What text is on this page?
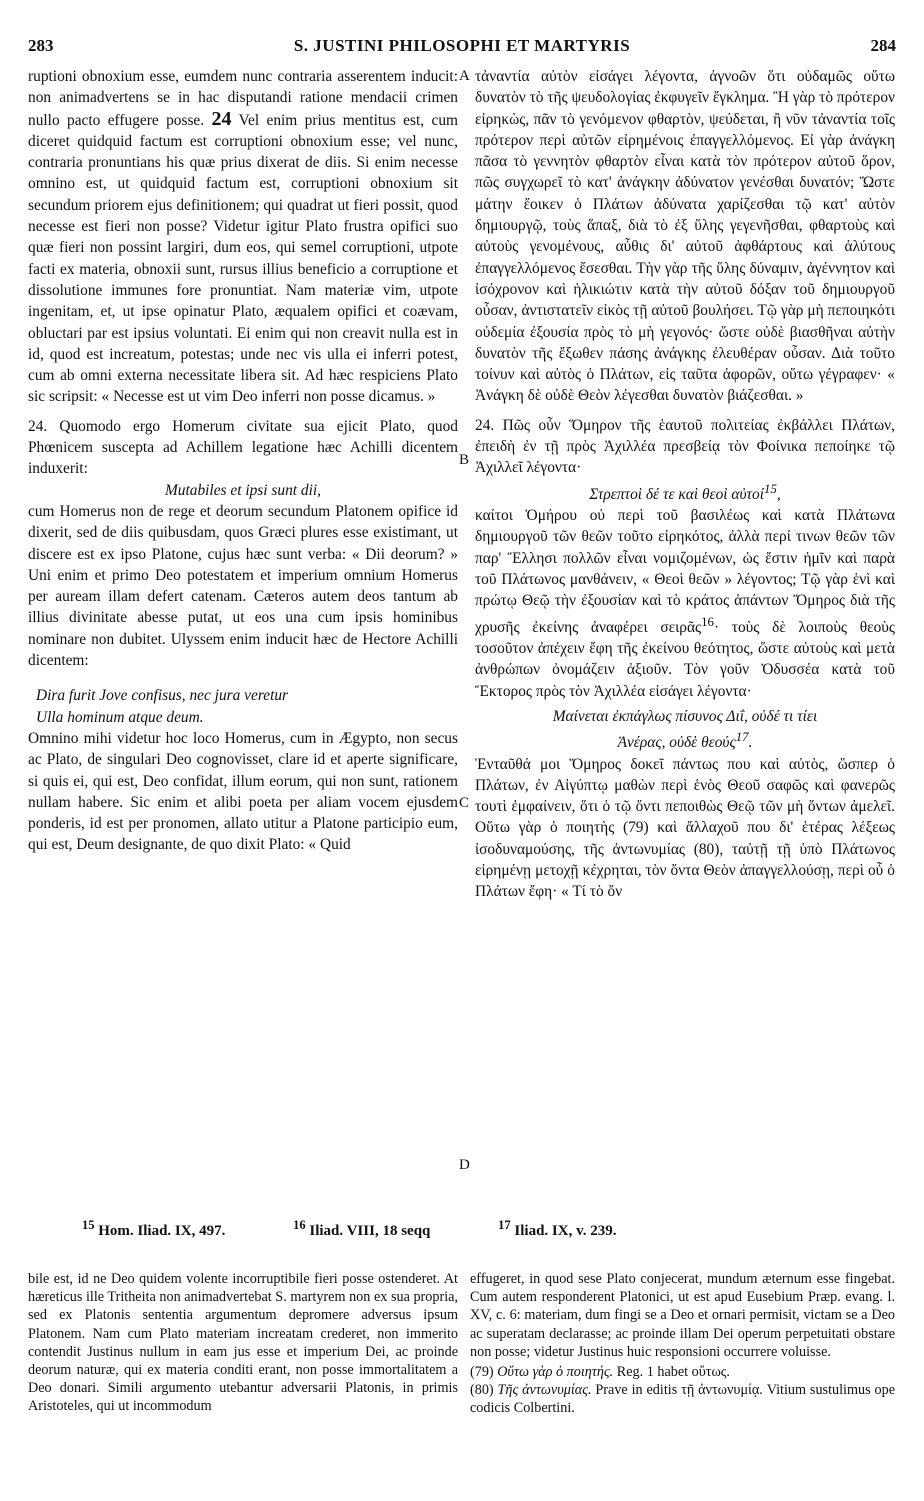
283	S. JUSTINI PHILOSOPHI ET MARTYRIS	284
A
B
C
D

ruptioni obnoxium esse, eumdem nunc contraria asserentem inducit: non animadvertens se in hac disputandi ratione mendacii crimen nullo pacto effugere posse. 24 Vel enim prius mentitus est, cum diceret quidquid factum est corruptioni obnoxium esse; vel nunc, contraria pronuntians his quæ prius dixerat de diis. Si enim necesse omnino est, ut quidquid factum est, corruptioni obnoxium sit secundum priorem ejus definitionem; qui quadrat ut fieri possit, quod necesse est fieri non posse? Videtur igitur Plato frustra opifici suo quæ fieri non possint largiri, dum eos, qui semel corruptioni, utpote facti ex materia, obnoxii sunt, rursus illius beneficio a corruptione et dissolutione immunes fore pronuntiat. Nam materiæ vim, utpote ingenitam, et, ut ipse opinatur Plato, æqualem opifici et coævam, obluctari par est ipsius voluntati. Ei enim qui non creavit nulla est in id, quod est increatum, potestas; unde nec vis ulla ei inferri potest, cum ab omni externa necessitate libera sit. Ad hæc respiciens Plato sic scripsit: « Necesse est ut vim Deo inferri non posse dicamus. »

24. Quomodo ergo Homerum civitate sua ejicit Plato, quod Phœnicem suscepta ad Achillem legatione hæc Achilli dicentem induxerit:

Mutabiles et ipsi sunt dii,

cum Homerus non de rege et deorum secundum Platonem opifice id dixerit, sed de diis quibusdam, quos Græci plures esse existimant, ut discere est ex ipso Platone, cujus hæc sunt verba: « Dii deorum? » Uni enim et primo Deo potestatem et imperium omnium Homerus per auream illam defert catenam. Cæteros autem deos tantum ab illius divinitate abesse putat, ut eos una cum ipsis hominibus nominare non dubitet. Ulyssem enim inducit hæc de Hectore Achilli dicentem:

Dira furit Jove confisus, nec jura veretur

Ulla hominum atque deum.

Omnino mihi videtur hoc loco Homerus, cum in Ægypto, non secus ac Plato, de singulari Deo cognovisset, clare id et aperte significare, si quis ei, qui est, Deo confidat, illum eorum, qui non sunt, rationem nullam habere. Sic enim et alibi poeta per aliam vocem ejusdem ponderis, id est per pronomen, allato utitur a Platone participio eum, qui est, Deum designante, de quo dixit Plato: « Quid

τἀναντία αὐτὸν εἰσάγει λέγοντα, ἀγνοῶν ὅτι οὐδαμῶς οὕτω δυνατὸν τὸ τῆς ψευδολογίας ἐκφυγεῖν ἔγκλημα. Ἢ γὰρ τὸ πρότερον εἰρηκὼς, πᾶν τὸ γενόμενον φθαρτὸν, ψεύδεται, ἢ νῦν τἀναντία τοῖς πρότερον περὶ αὐτῶν εἰρημένοις ἐπαγγελλόμενος. Εἰ γὰρ ἀνάγκη πᾶσα τὸ γεννητὸν φθαρτὸν εἶναι κατὰ τὸν πρότερον αὐτοῦ ὅρον, πῶς συγχωρεῖ τὸ κατ' ἀνάγκην ἀδύνατον γενέσθαι δυνατόν; Ὥστε μάτην ἔοικεν ὁ Πλάτων ἀδύνατα χαρίζεσθαι τῷ κατ' αὐτὸν δημιουργῷ, τοὺς ἅπαξ, διὰ τὸ ἐξ ὕλης γεγενῆσθαι, φθαρτοὺς καὶ αὐτοὺς γενομένους, αὖθις δι' αὐτοῦ ἀφθάρτους καὶ ἀλύτους ἐπαγγελλόμενος ἔσεσθαι. Τὴν γὰρ τῆς ὕλης δύναμιν, ἀγέννητον καὶ ἰσόχρονον καὶ ἡλικιώτιν κατὰ τὴν αὐτοῦ δόξαν τοῦ δημιουργοῦ οὖσαν, ἀντιστατεῖν εἰκὸς τῇ αὐτοῦ βουλήσει. Τῷ γὰρ μὴ πεποιηκότι οὐδεμία ἐξουσία πρὸς τὸ μὴ γεγονός· ὥστε οὐδὲ βιασθῆναι αὐτὴν δυνατὸν τῆς ἔξωθεν πάσης ἀνάγκης ἐλευθέραν οὖσαν. Διὰ τοῦτο τοίνυν καὶ αὐτὸς ὁ Πλάτων, εἰς ταῦτα ἀφορῶν, οὕτω γέγραφεν· « Ἀνάγκη δὲ οὐδὲ Θεὸν λέγεσθαι δυνατὸν βιάζεσθαι. »

24. Πῶς οὖν Ὅμηρον τῆς ἑαυτοῦ πολιτείας ἐκβάλλει Πλάτων, ἐπειδὴ ἐν τῇ πρὸς Ἀχιλλέα πρεσβείᾳ τὸν Φοίνικα πεποίηκε τῷ Ἀχιλλεῖ λέγοντα·

Στρεπτοὶ δέ τε καὶ θεοὶ αὐτοί$^{15}$,

καίτοι Ὁμήρου οὐ περὶ τοῦ βασιλέως καὶ κατὰ Πλάτωνα δημιουργοῦ τῶν θεῶν τοῦτο εἰρηκότος, ἀλλὰ περί τινων θεῶν τῶν παρ' Ἕλλησι πολλῶν εἶναι νομιζομένων, ὡς ἔστιν ἡμῖν καὶ παρὰ τοῦ Πλάτωνος μανθάνειν, « Θεοὶ θεῶν » λέγοντος; Τῷ γὰρ ἑνὶ καὶ πρώτῳ Θεῷ τὴν ἐξουσίαν καὶ τὸ κράτος ἁπάντων Ὅμηρος διὰ τῆς χρυσῆς ἐκείνης ἀναφέρει σειρᾶς$^{16}$· τοὺς δὲ λοιποὺς θεοὺς τοσοῦτον ἀπέχειν ἔφη τῆς ἐκείνου θεότητος, ὥστε αὐτοὺς καὶ μετὰ ἀνθρώπων ὀνομάζειν ἀξιοῦν. Τὸν γοῦν Ὀδυσσέα κατὰ τοῦ Ἕκτορος πρὸς τὸν Ἀχιλλέα εἰσάγει λέγοντα·

Μαίνεται ἐκπάγλως πίσυνος Διΐ, οὐδέ τι τίει

Ἀνέρας, οὐδὲ θεούς$^{17}$.

Ἐνταῦθά μοι Ὅμηρος δοκεῖ πάντως που καὶ αὐτὸς, ὥσπερ ὁ Πλάτων, ἐν Αἰγύπτῳ μαθὼν περὶ ἑνὸς Θεοῦ σαφῶς καὶ φανερῶς τουτὶ ἐμφαίνειν, ὅτι ὁ τῷ ὄντι πεποιθὼς Θεῷ τῶν μὴ ὄντων ἀμελεῖ. Οὕτω γὰρ ὁ ποιητὴς (79) καὶ ἄλλαχοῦ που δι' ἑτέρας λέξεως ἰσοδυναμούσης, τῆς ἀντωνυμίας (80), ταὐτῇ τῇ ὑπὸ Πλάτωνος εἰρημένῃ μετοχῇ κέχρηται, τὸν ὄντα Θεὸν ἀπαγγελλούσῃ, περὶ οὗ ὁ Πλάτων ἔφη· « Τί τὸ ὄν

$^{15}$ Hom. Iliad. IX, 497.	$^{16}$ Iliad. VIII, 18 seqq	$^{17}$ Iliad. IX, v. 239.

bile est, id ne Deo quidem volente incorruptibile fieri posse ostenderet. At hæreticus ille Tritheita non animadvertebat S. martyrem non ex sua propria, sed ex Platonis sententia argumentum depromere adversus ipsum Platonem. Nam cum Plato materiam increatam crederet, non immerito contendit Justinus nullum in eam jus esse et imperium Dei, ac proinde deorum naturæ, qui ex materia conditi erant, non posse immortalitatem a Deo donari. Simili argumento utebantur adversarii Platonis, in primis Aristoteles, qui ut incommodum

effugeret, in quod sese Plato conjecerat, mundum æternum esse fingebat. Cum autem responderent Platonici, ut est apud Eusebium Præp. evang. l. XV, c. 6: materiam, dum fingi se a Deo et ornari permisit, victam se a Deo ac superatam declarasse; ac proinde illam Dei operum perpetuitati obstare non posse; videtur Justinus huic responsioni occurrere voluisse.

(79) Οὕτω γὰρ ὁ ποιητής. Reg. 1 habet οὕτως.

(80) Τῆς ἀντωνυμίας. Prave in editis τῇ ἀντωνυμίᾳ. Vitium sustulimus ope codicis Colbertini.
